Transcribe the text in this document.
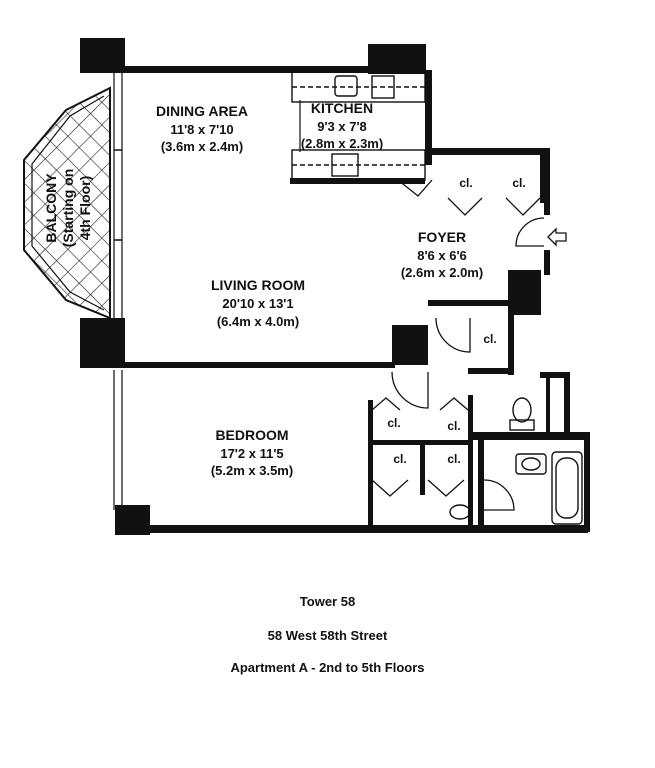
BALCONY (Starting on 4th Floor)
DINING AREA
11'8 x 7'10
(3.6m x 2.4m)
KITCHEN
9'3 x 7'8
(2.8m x 2.3m)
FOYER
8'6 x 6'6
(2.6m x 2.0m)
LIVING ROOM
20'10 x 13'1
(6.4m x 4.0m)
BEDROOM
17'2 x 11'5
(5.2m x 3.5m)
cl.	cl.
cl.
cl.	cl.
cl.	cl.
Tower 58
58 West 58th Street
Apartment A - 2nd to 5th Floors
